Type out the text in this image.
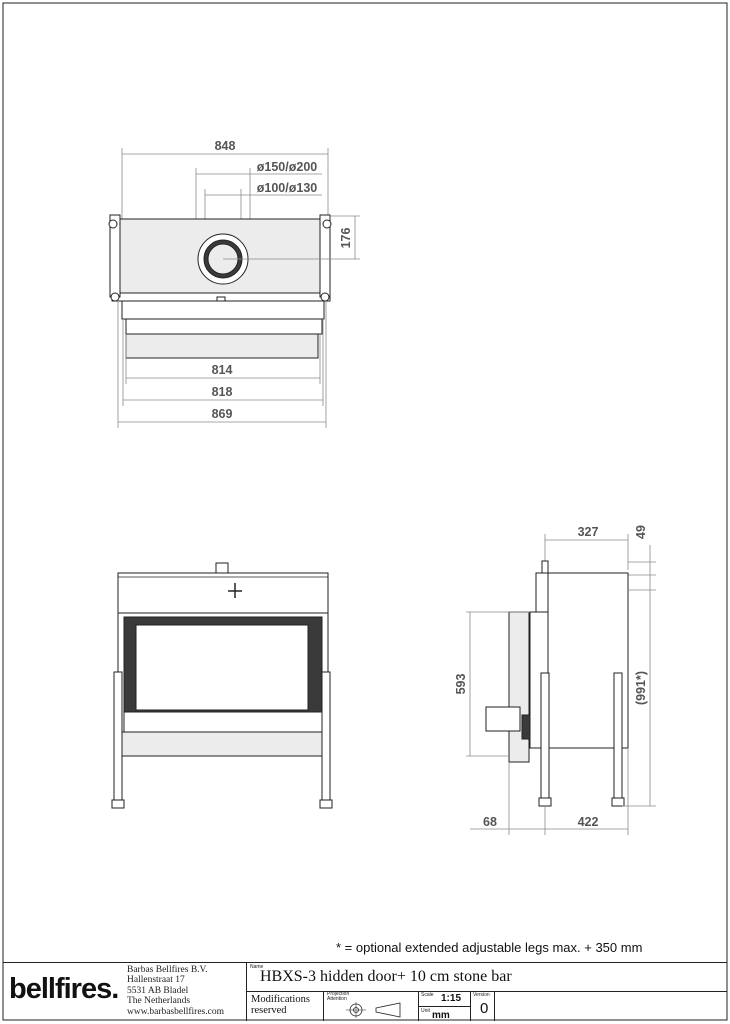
848
ø150/ø200
ø100/ø130
176
814
818
869
327	49
593	(991*)
68	422
* = optional extended adjustable legs max. + 350 mm
bellfires.
Barbas Bellfires B.V.
Hallenstraat 17
5531 AB Bladel
The Netherlands
www.barbasbellfires.com
Name
HBXS-3 hidden door+ 10 cm stone bar
Modifications
reserved
Projection Attention
Scale 1:15
Unit mm
Version
0
